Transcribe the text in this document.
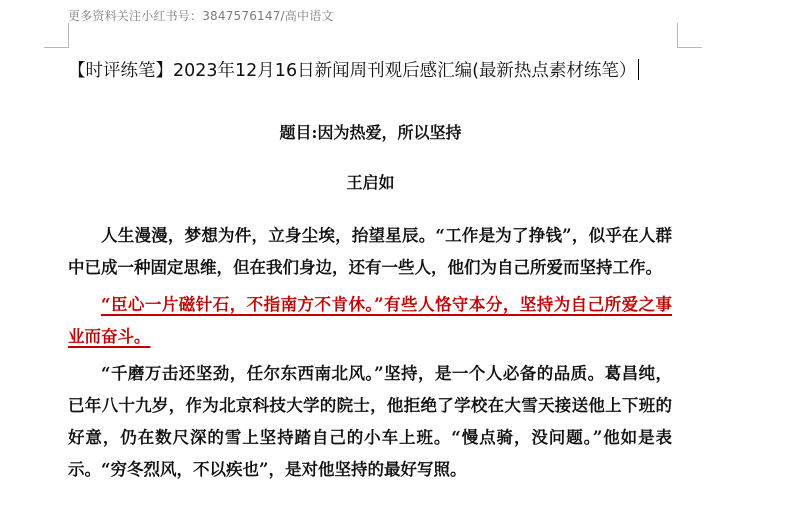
更多资料关注小红书号：3847576147/高中语文
【时评练笔】2023年12月16日新闻周刊观后感汇编(最新热点素材练笔）
题目:因为热爱，所以坚持
王启如

人生漫漫，梦想为件，立身尘埃，抬望星辰。“工作是为了挣钱”，似乎在人群中已成一种固定思维，但在我们身边，还有一些人，他们为自己所爱而坚持工作。

“臣心一片磁针石，不指南方不肯休。”有些人恪守本分，坚持为自己所爱之事业而奋斗。

“千磨万击还坚劲，任尔东西南北风。”坚持，是一个人必备的品质。葛昌纯，已年八十九岁，作为北京科技大学的院士，他拒绝了学校在大雪天接送他上下班的好意，仍在数尺深的雪上坚持踏自己的小车上班。“慢点骑，没问题。”他如是表示。“穷冬烈风，不以疾也”，是对他坚持的最好写照。
